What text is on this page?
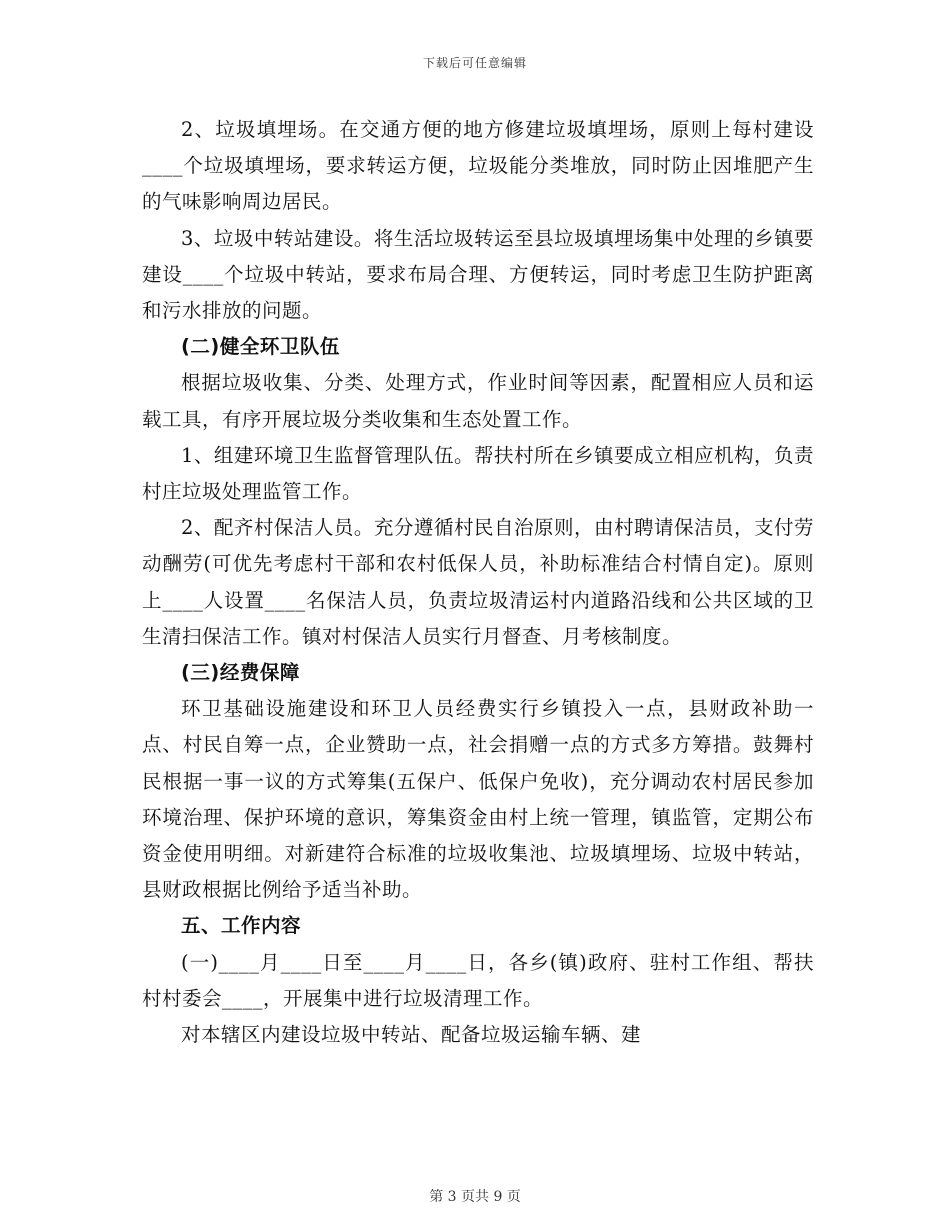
下载后可任意编辑

2、垃圾填埋场。在交通方便的地方修建垃圾填埋场，原则上每村建设____个垃圾填埋场，要求转运方便，垃圾能分类堆放，同时防止因堆肥产生的气味影响周边居民。

3、垃圾中转站建设。将生活垃圾转运至县垃圾填埋场集中处理的乡镇要建设____个垃圾中转站，要求布局合理、方便转运，同时考虑卫生防护距离和污水排放的问题。

(二)健全环卫队伍

根据垃圾收集、分类、处理方式，作业时间等因素，配置相应人员和运载工具，有序开展垃圾分类收集和生态处置工作。

1、组建环境卫生监督管理队伍。帮扶村所在乡镇要成立相应机构，负责村庄垃圾处理监管工作。

2、配齐村保洁人员。充分遵循村民自治原则，由村聘请保洁员，支付劳动酬劳(可优先考虑村干部和农村低保人员，补助标准结合村情自定)。原则上____人设置____名保洁人员，负责垃圾清运村内道路沿线和公共区域的卫生清扫保洁工作。镇对村保洁人员实行月督查、月考核制度。

(三)经费保障

环卫基础设施建设和环卫人员经费实行乡镇投入一点，县财政补助一点、村民自筹一点，企业赞助一点，社会捐赠一点的方式多方筹措。鼓舞村民根据一事一议的方式筹集(五保户、低保户免收)，充分调动农村居民参加环境治理、保护环境的意识，筹集资金由村上统一管理，镇监管，定期公布资金使用明细。对新建符合标准的垃圾收集池、垃圾填埋场、垃圾中转站，县财政根据比例给予适当补助。

五、工作内容

(一)____月____日至____月____日，各乡(镇)政府、驻村工作组、帮扶村村委会____，开展集中进行垃圾清理工作。

对本辖区内建设垃圾中转站、配备垃圾运输车辆、建

第 3 页共 9 页
